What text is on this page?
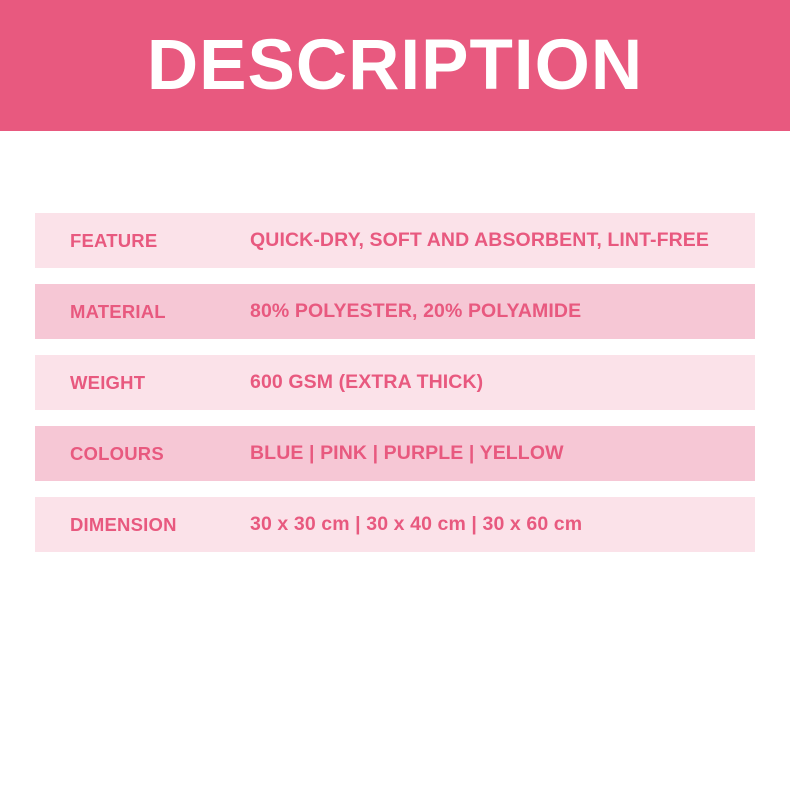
DESCRIPTION
FEATURE	QUICK-DRY, SOFT AND ABSORBENT, LINT-FREE
MATERIAL	80% POLYESTER, 20% POLYAMIDE
WEIGHT	600 GSM (EXTRA THICK)
COLOURS	BLUE | PINK | PURPLE | YELLOW
DIMENSION	30 x 30 cm | 30 x 40 cm | 30 x 60 cm
